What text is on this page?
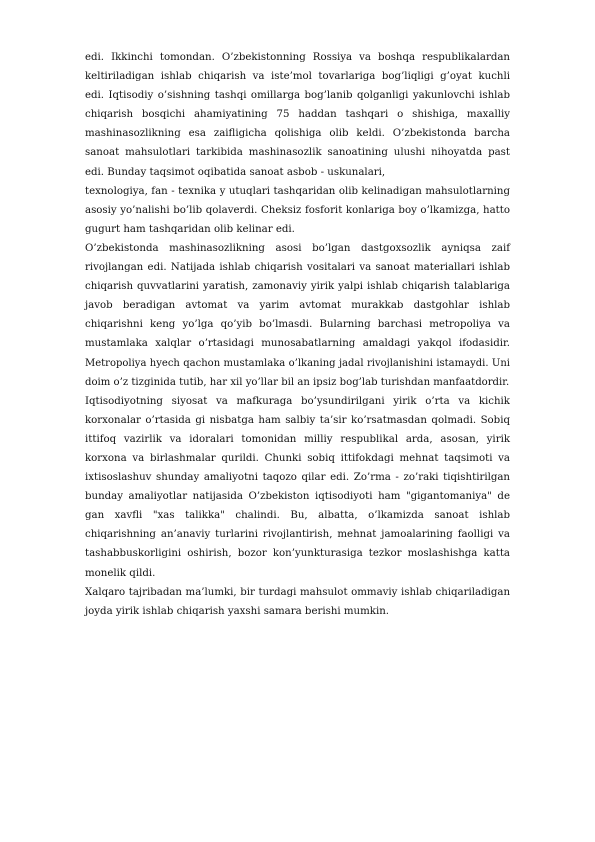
edi. Ikkinchi tomondan. O’zbekistonning Rossiya va boshqa respublikalardan
keltiriladigan ishlab chiqarish va iste’mol tovarlariga bog’liqligi g’oyat kuchli
edi. Iqtisodiy o’sishning tashqi omillarga bog’lanib qolganligi yakunlovchi ishlab
chiqarish bosqichi ahamiyatining 75 haddan tashqari o shishiga, maxalliy
mashinasozlikning esa zaifligicha qolishiga olib keldi. O’zbekistonda barcha
sanoat mahsulotlari tarkibida mashinasozlik sanoatining ulushi nihoyatda past
edi. Bunday taqsimot oqibatida sanoat asbob - uskunalari,
texnologiya, fan - texnika y utuqlari tashqaridan olib kelinadigan mahsulotlarning
asosiy yo’nalishi bo’lib qolaverdi. Cheksiz fosforit konlariga boy o’lkamizga, hatto
gugurt ham tashqaridan olib kelinar edi.
O’zbekistonda mashinasozlikning asosi bo’lgan dastgoxsozlik ayniqsa zaif
rivojlangan edi. Natijada ishlab chiqarish vositalari va sanoat materiallari ishlab
chiqarish quvvatlarini yaratish, zamonaviy yirik yalpi ishlab chiqarish talablariga
javob beradigan avtomat va yarim avtomat murakkab dastgohlar ishlab
chiqarishni keng yo’lga qo’yib bo’lmasdi. Bularning barchasi metropoliya va
mustamlaka xalqlar o’rtasidagi munosabatlarning amaldagi yakqol ifodasidir.
Metropoliya hyech qachon mustamlaka o’lkaning jadal rivojlanishini istamaydi. Uni
doim o’z tizginida tutib, har xil yo’llar bil an ipsiz bog’lab turishdan manfaatdordir.
Iqtisodiyotning siyosat va mafkuraga bo’ysundirilgani yirik o’rta va kichik
korxonalar o’rtasida gi nisbatga ham salbiy ta’sir ko’rsatmasdan qolmadi. Sobiq
ittifoq vazirlik va idoralari tomonidan milliy respublikal arda, asosan, yirik
korxona va birlashmalar qurildi. Chunki sobiq ittifokdagi mehnat taqsimoti va
ixtisoslashuv shunday amaliyotni taqozo qilar edi. Zo’rma - zo’raki tiqishtirilgan
bunday amaliyotlar natijasida O’zbekiston iqtisodiyoti ham "gigantomaniya" de
gan xavfli "xas talikka" chalindi. Bu, albatta, o’lkamizda sanoat ishlab
chiqarishning an’anaviy turlarini rivojlantirish, mehnat jamoalarining faolligi va
tashabbuskorligini oshirish, bozor kon’yunkturasiga tezkor moslashishga katta
monelik qildi.
Xalqaro tajribadan ma’lumki, bir turdagi mahsulot ommaviy ishlab chiqariladigan
joyda yirik ishlab chiqarish yaxshi samara berishi mumkin.
